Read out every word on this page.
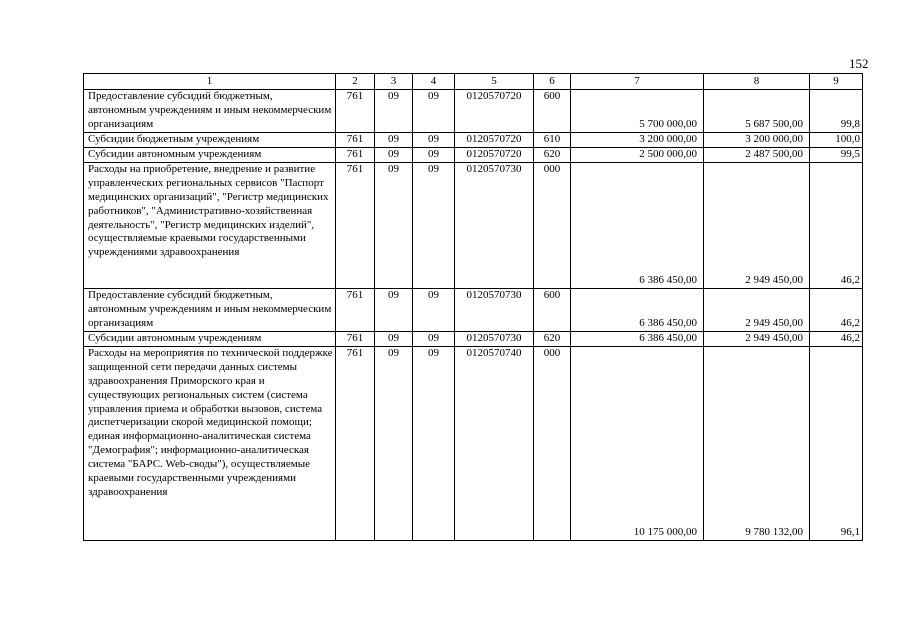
152
1	2	3	4	5	6	7	8	9
Предоставление субсидий бюджетным, автономным учреждениям и иным некоммерческим организациям	761	09	09	0120570720	600	5 700 000,00	5 687 500,00	99,8
Субсидии бюджетным учреждениям	761	09	09	0120570720	610	3 200 000,00	3 200 000,00	100,0
Субсидии автономным учреждениям	761	09	09	0120570720	620	2 500 000,00	2 487 500,00	99,5
Расходы на приобретение, внедрение и развитие управленческих региональных сервисов "Паспорт медицинских организаций", "Регистр медицинских работников", "Административно-хозяйственная деятельность", "Регистр медицинских изделий", осуществляемые краевыми государственными учреждениями здравоохранения	761	09	09	0120570730	000	6 386 450,00	2 949 450,00	46,2
Предоставление субсидий бюджетным, автономным учреждениям и иным некоммерческим организациям	761	09	09	0120570730	600	6 386 450,00	2 949 450,00	46,2
Субсидии автономным учреждениям	761	09	09	0120570730	620	6 386 450,00	2 949 450,00	46,2
Расходы на мероприятия по технической поддержке защищенной сети передачи данных системы здравоохранения Приморского края и существующих региональных систем (система управления приема и обработки вызовов, система диспетчеризации скорой медицинской помощи; единая информационно-аналитическая система "Демография"; информационно-аналитическая система "БАРС. Web-своды"), осуществляемые краевыми государственными учреждениями здравоохранения	761	09	09	0120570740	000	10 175 000,00	9 780 132,00	96,1
